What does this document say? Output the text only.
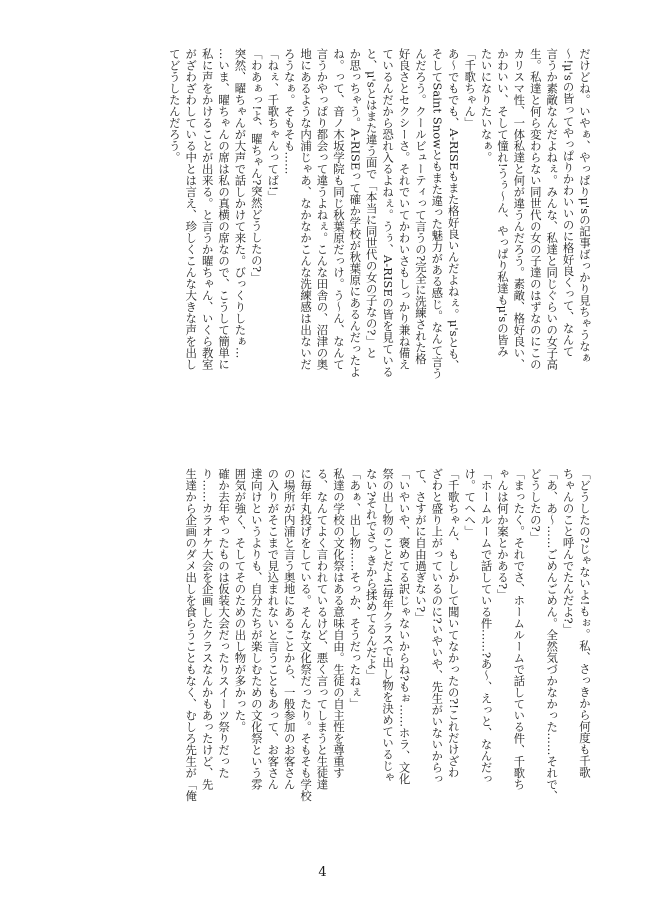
だけどね。いやぁ、やっぱりμ'sの記事ばっかり見ちゃうなぁ
〜!μ'sの皆ってやっぱりかわいいのに格好良くって、なんて
言うか素敵なんだよねぇ。みんな、私達と同じぐらいの女子高
生。私達と何ら変わらない同世代の女の子達のはずなのにこの
カリスマ性、一体私達と何が違うんだろう。素敵、格好良い、
かわいい、そして憧れ!うぅ〜ん、やっぱり私達もμ'sの皆み
たいになりたいなぁ。
「千歌ちゃん」
あ〜でもでも、A-RISEもまた格好良いんだよねぇ。μ'sとも、
そしてSaint Snowともまた違った魅力がある感じ。なんて言う
んだろう。クールビューティって言うの?完全に洗練された格
好良さとセクシーさ。それでいてかわいさもしっかり兼ね備え
ているんだから恐れ入るよねぇ。うぅ、A-RISEの皆を見ている
と、μ'sとはまた違う面で「本当に同世代の女の子なの?」と
か思っちゃう。A-RISEって確か学校が秋葉原にあるんだったよ
ね。って、音ノ木坂学院も同じ秋葉原だっけ。う〜ん、なんて
言うかやっぱり都会って違うよねぇ。こんな田舎の、沼津の奥
地にあるような内浦じゃあ、なかなかこんな洗練感は出ないだ
ろうなぁ。そもそも……
「ねぇ、千歌ちゃんってば!」
「わあぁっ!よ、曜ちゃん?突然どうしたの?」
突然、曜ちゃんが大声で話しかけて来た。びっくりしたぁ…
…いま、曜ちゃんの席は私の真横の席なので、こうして簡単に
私に声をかけることが出来る。と言うか曜ちゃん、いくら教室
がざわざわしている中とは言え、珍しくこんな大きな声を出し
てどうしたんだろう。
「どうしたの?じゃないよ!もぉ。私、さっきから何度も千歌
ちゃんのこと呼んでたんだよ?」
「あ、あ〜……ごめんごめん。全然気づかなかった……それで、
どうしたの?」
「まったく。それでさ、ホームルームで話している件、千歌ち
ゃんは何か案とかある?」
「ホームルームで話している件……?あ〜、えっと、なんだっ
け。てへへ」
「千歌ちゃん、もしかして聞いてなかったの?!これだけざわ
ざわと盛り上がっているのに?いやいや、先生がいないからっ
て、さすがに自由過ぎない?」
「いやいや、褒めてる訳じゃないからね?もぉ……ホラ、文化
祭の出し物のことだよ!毎年クラスで出し物を決めているじゃ
ない?それでさっきから揉めてるんだよ」
「あぁ、出し物……そっか、そうだったねぇ」
私達の学校の文化祭はある意味自由。生徒の自主性を尊重す
る、なんてよく言われているけど、悪く言ってしまうと生徒達
に毎年丸投げをしている。そんな文化祭だったり。そもそも学校
の場所が内浦と言う奥地にあることから、一般参加のお客さん
の入りがそこまで見込まれないと言うこともあって、お客さん
達向けというよりも、自分たちが楽しむための文化祭という雰
囲気が強く、そしてそのための出し物が多かった。
確か去年やったものは仮装大会だったりスイーツ祭りだった
り……カラオケ大会を企画したクラスなんかもあったけど、先
生達から企画のダメ出しを食らうこともなく、むしろ先生が「俺
4
